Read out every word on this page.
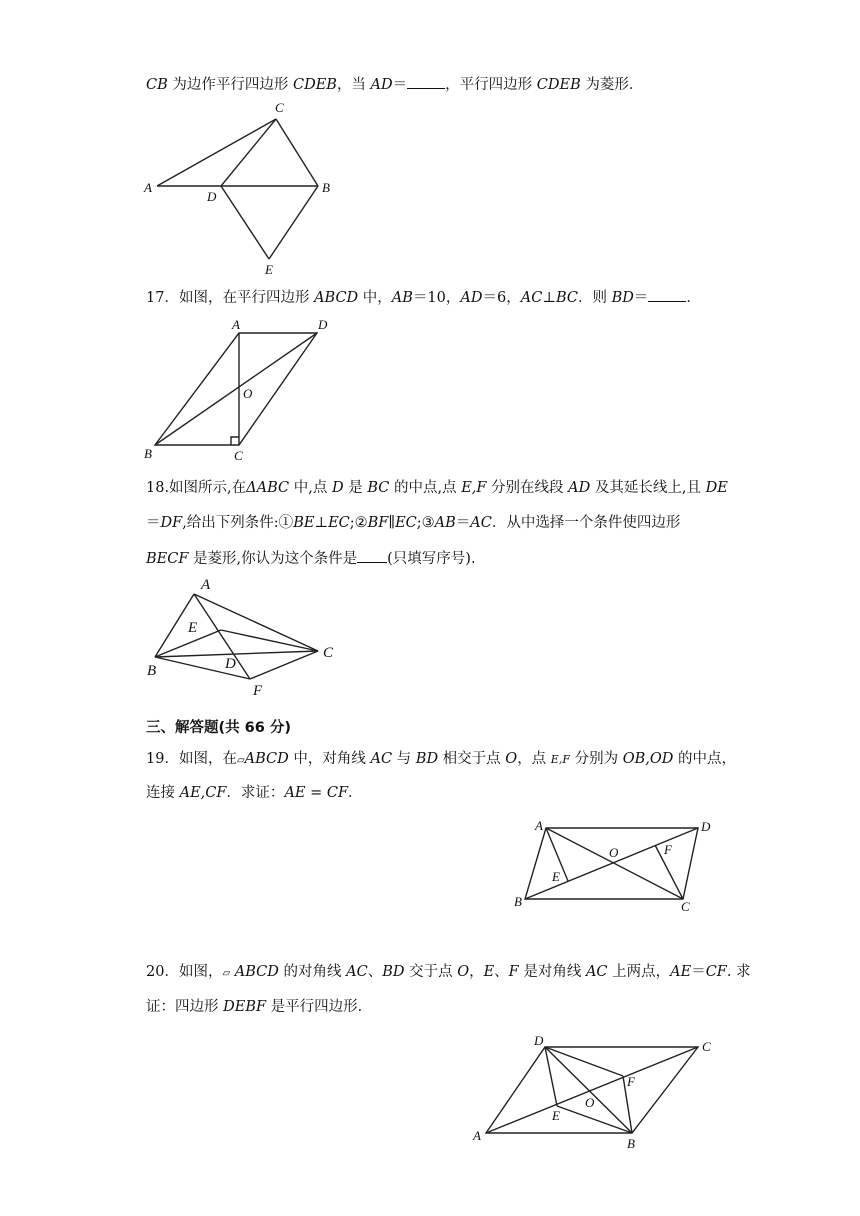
CB 为边作平行四边形 CDEB，当 AD＝	，平行四边形 CDEB 为菱形．
A	B
C
D
E
17．如图，在平行四边形 ABCD 中，AB＝10，AD＝6，AC⊥BC．则 BD＝	．
A	D
O
B	C
18.如图所示,在ΔABC 中,点 D 是 BC 的中点,点 E,F 分别在线段 AD 及其延长线上,且 DE
＝DF,给出下列条件:①BE⊥EC;②BF∥EC;③AB＝AC．从中选择一个条件使四边形
BECF 是菱形,你认为这个条件是 (只填写序号).
A
E
D
C
B
F
三、解答题(共 66 分)
19．如图，在▱ABCD 中，对角线 AC 与 BD 相交于点 O，点 E,F 分别为 OB,OD 的中点，
连接 AE,CF．求证：AE = CF．
A	D
O	F
E
B	C
20．如图，▱ ABCD 的对角线 AC、BD 交于点 O，E、F 是对角线 AC 上两点，AE＝CF. 求
证：四边形 DEBF 是平行四边形．
D	C
F
O
E
A
B
